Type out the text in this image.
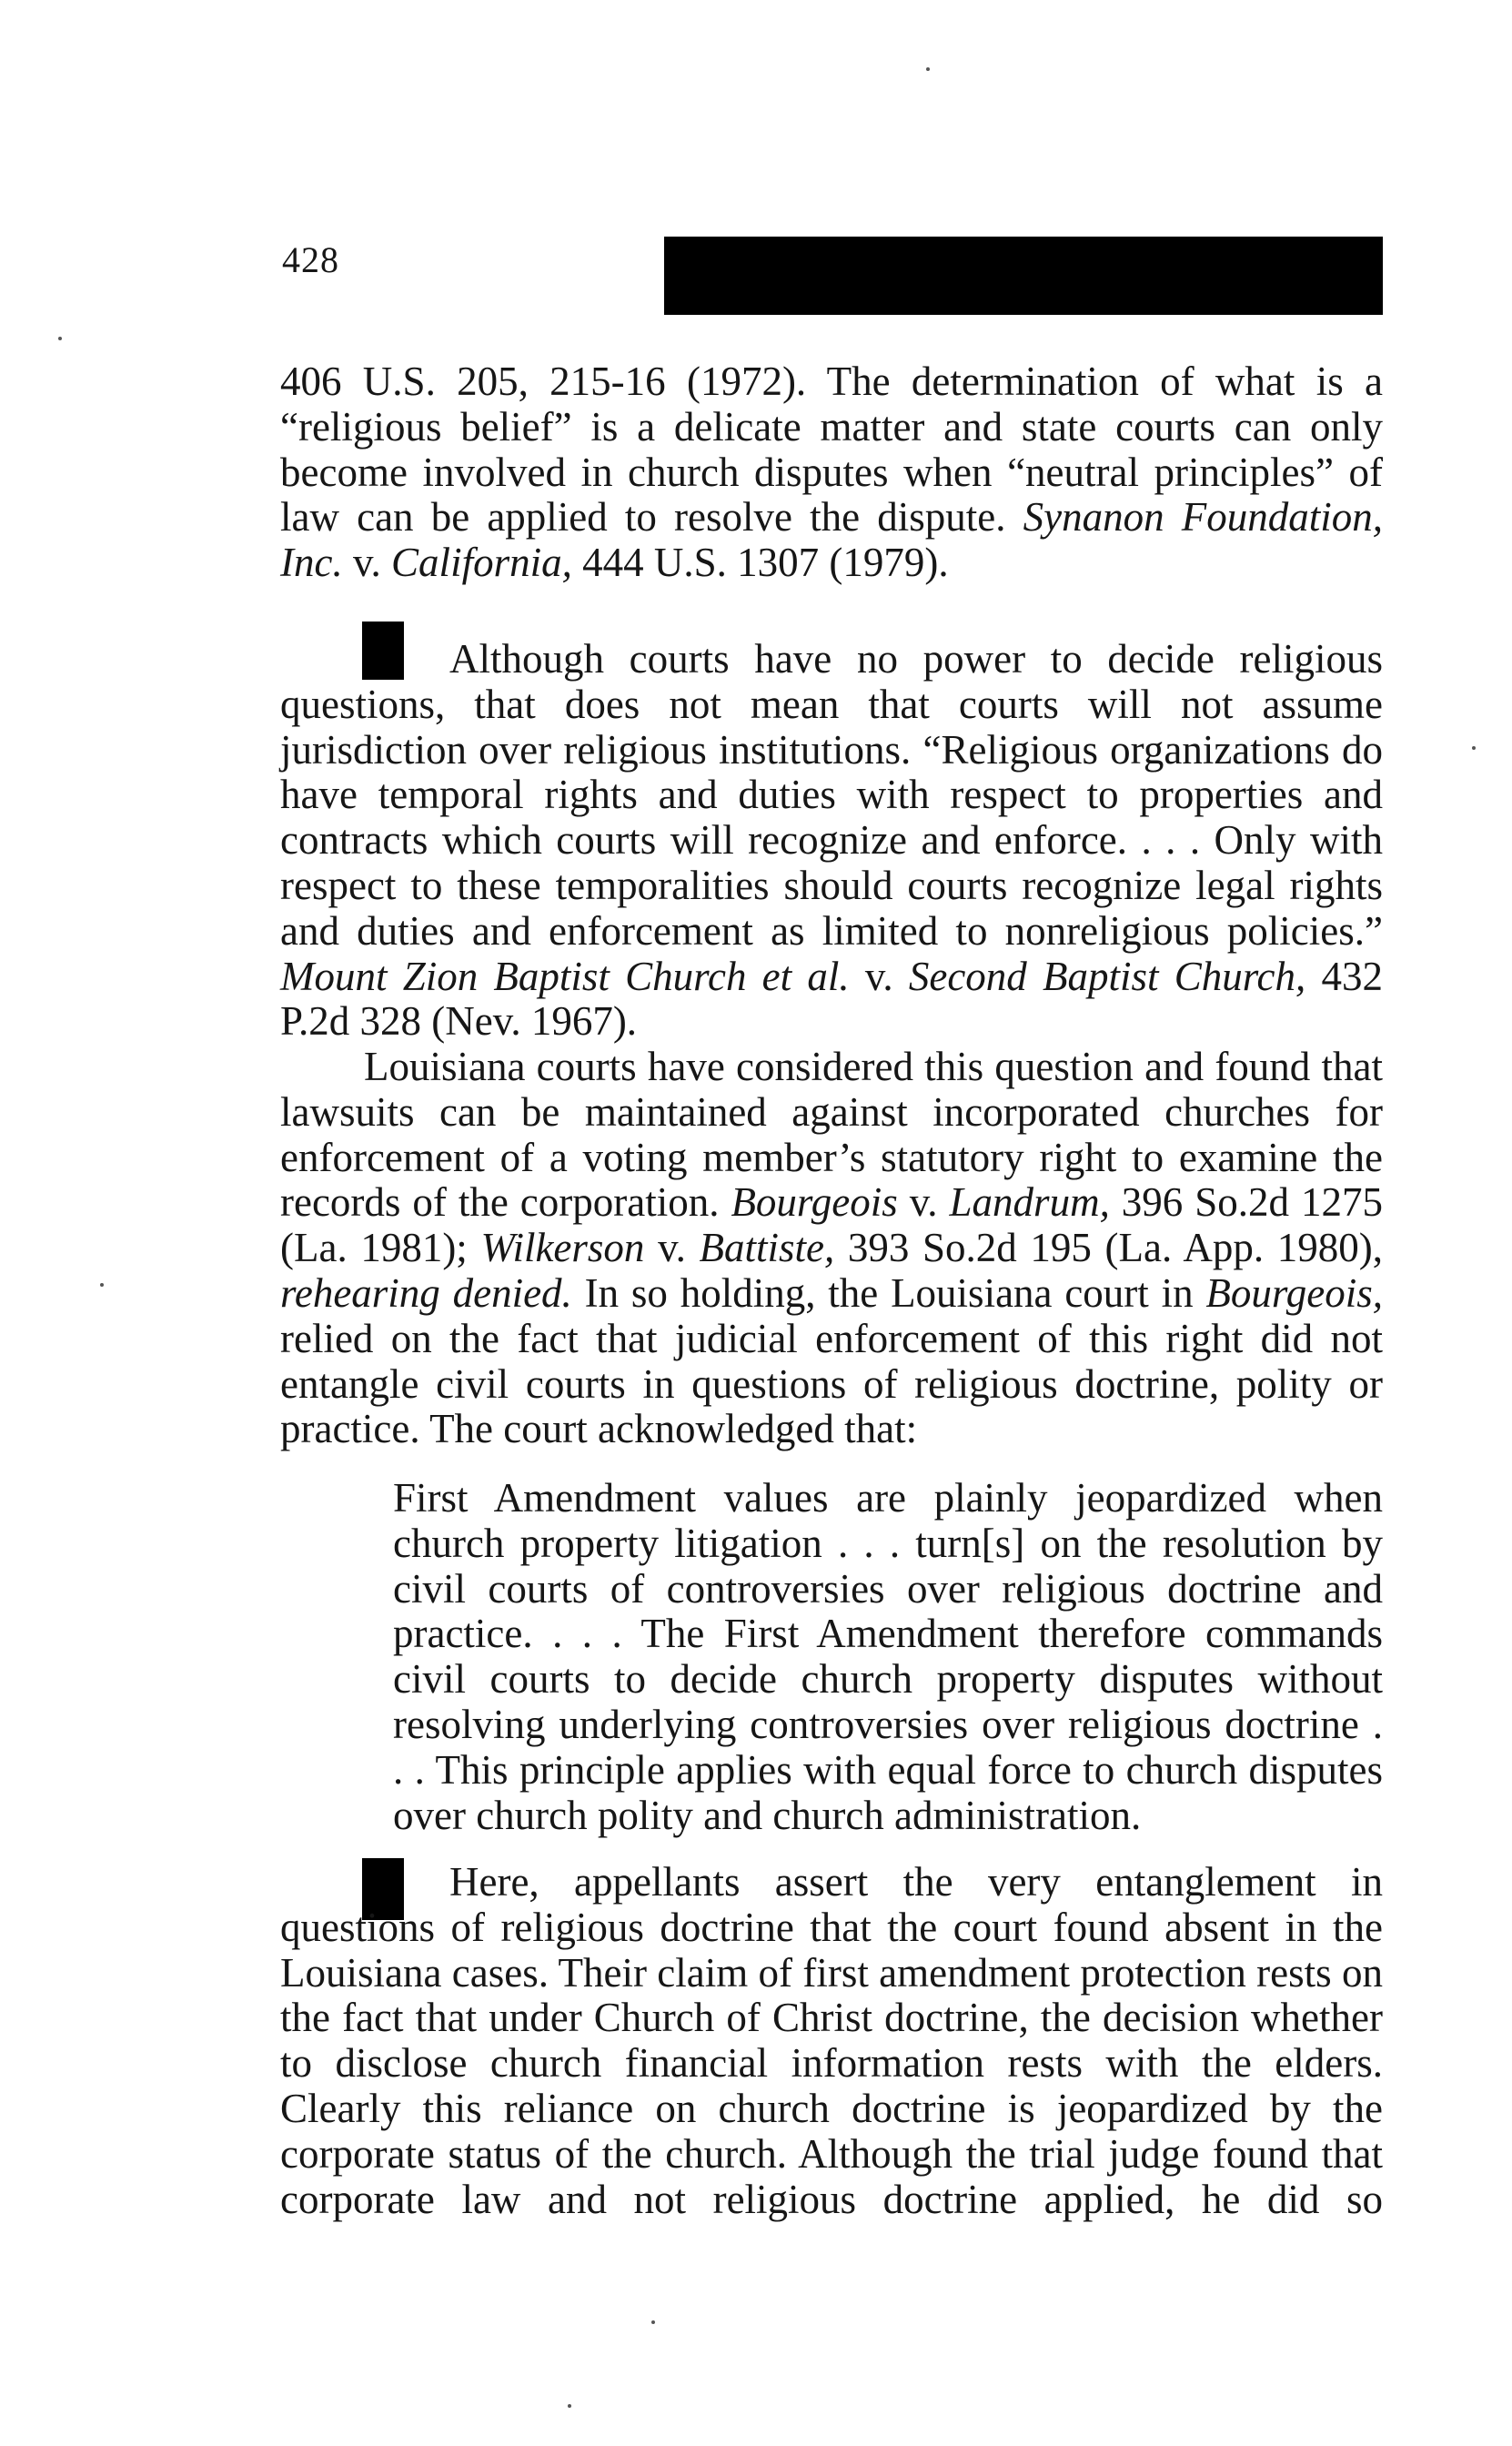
428

406 U.S. 205, 215-16 (1972). The determination of what is a “religious belief” is a delicate matter and state courts can only become involved in church disputes when “neutral principles” of law can be applied to resolve the dispute. Synanon Foundation, Inc. v. California, 444 U.S. 1307 (1979).

Although courts have no power to decide religious questions, that does not mean that courts will not assume jurisdiction over religious institutions. “Religious organizations do have temporal rights and duties with respect to properties and contracts which courts will recognize and enforce. . . . Only with respect to these temporalities should courts recognize legal rights and duties and enforcement as limited to nonreligious policies.” Mount Zion Baptist Church et al. v. Second Baptist Church, 432 P.2d 328 (Nev. 1967).

Louisiana courts have considered this question and found that lawsuits can be maintained against incorporated churches for enforcement of a voting member’s statutory right to examine the records of the corporation. Bourgeois v. Landrum, 396 So.2d 1275 (La. 1981); Wilkerson v. Battiste, 393 So.2d 195 (La. App. 1980), rehearing denied. In so holding, the Louisiana court in Bourgeois, relied on the fact that judicial enforcement of this right did not entangle civil courts in questions of religious doctrine, polity or practice. The court acknowledged that:

First Amendment values are plainly jeopardized when church property litigation . . . turn[s] on the resolution by civil courts of controversies over religious doctrine and practice. . . . The First Amendment therefore commands civil courts to decide church property disputes without resolving underlying controversies over religious doctrine . . . This principle applies with equal force to church disputes over church polity and church administration.

Here, appellants assert the very entanglement in questions of religious doctrine that the court found absent in the Louisiana cases. Their claim of first amendment protection rests on the fact that under Church of Christ doctrine, the decision whether to disclose church financial information rests with the elders. Clearly this reliance on church doctrine is jeopardized by the corporate status of the church. Although the trial judge found that corporate law and not religious doctrine applied, he did so
